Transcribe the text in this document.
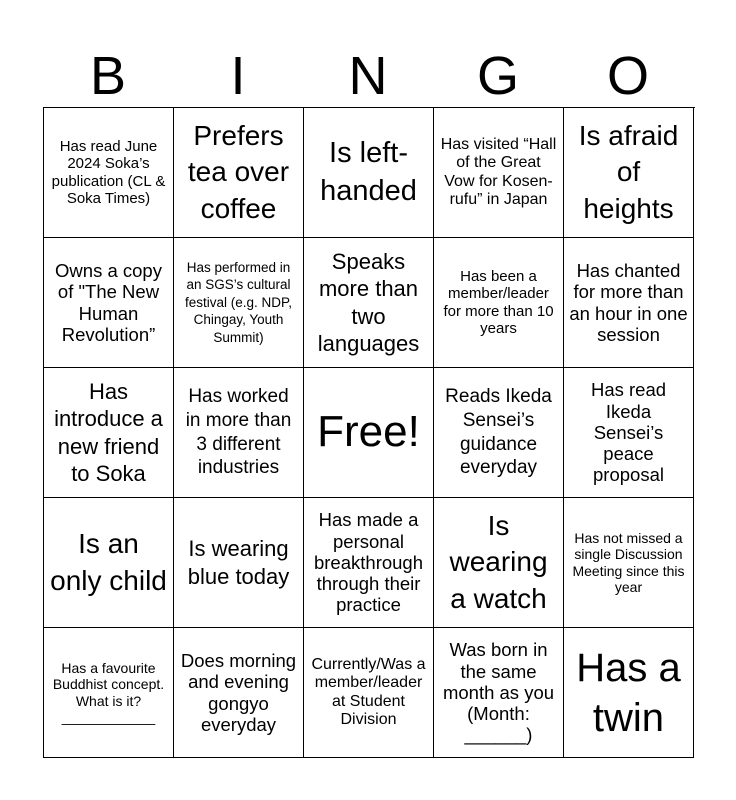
B	I	N	G	O
Has read June 2024 Soka’s publication (CL & Soka Times)
Prefers tea over coffee
Is left-handed
Has visited “Hall of the Great Vow for Kosen-rufu” in Japan
Is afraid of heights
Owns a copy of "The New Human Revolution”
Has performed in an SGS’s cultural festival (e.g. NDP, Chingay, Youth Summit)
Speaks more than two languages
Has been a member/leader for more than 10 years
Has chanted for more than an hour in one session
Has introduce a new friend to Soka
Has worked in more than 3 different industries
Free!
Reads Ikeda Sensei’s guidance everyday
Has read Ikeda Sensei’s peace proposal
Is an only child
Is wearing blue today
Has made a personal breakthrough through their practice
Is wearing a watch
Has not missed a single Discussion Meeting since this year
Has a favourite Buddhist concept. What is it? ____________
Does morning and evening gongyo everyday
Currently/Was a member/leader at Student Division
Was born in the same month as you (Month: ______)
Has a twin
